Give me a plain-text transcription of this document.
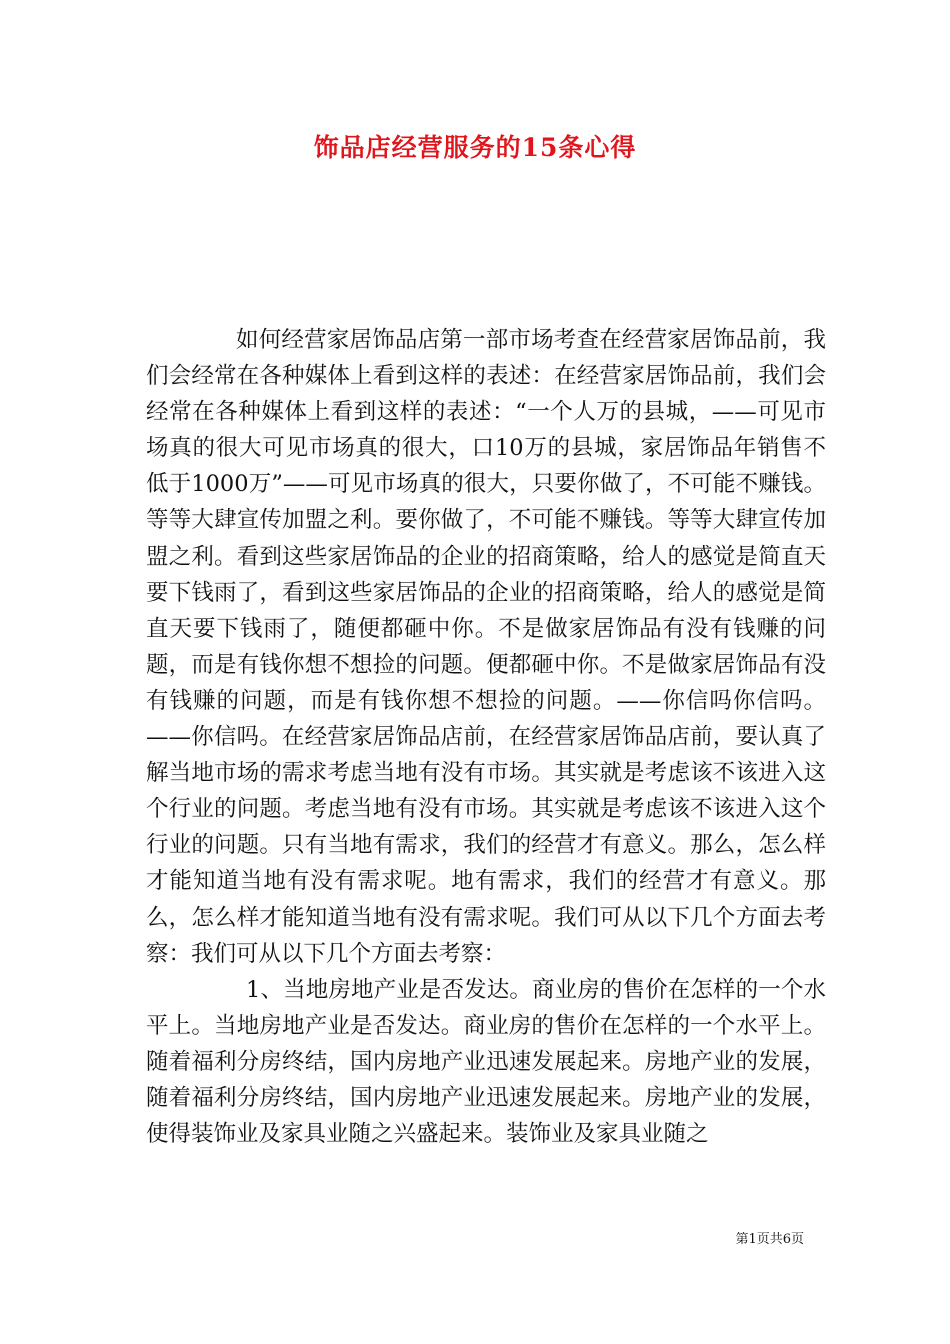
饰品店经营服务的15条心得

如何经营家居饰品店第一部市场考查在经营家居饰品前，我们会经常在各种媒体上看到这样的表述：在经营家居饰品前，我们会经常在各种媒体上看到这样的表述：“一个人万的县城，——可见市场真的很大可见市场真的很大，口10万的县城，家居饰品年销售不低于1000万”——可见市场真的很大，只要你做了，不可能不赚钱。等等大肆宣传加盟之利。要你做了，不可能不赚钱。等等大肆宣传加盟之利。看到这些家居饰品的企业的招商策略，给人的感觉是简直天要下钱雨了，看到这些家居饰品的企业的招商策略，给人的感觉是简直天要下钱雨了，随便都砸中你。不是做家居饰品有没有钱赚的问题，而是有钱你想不想捡的问题。便都砸中你。不是做家居饰品有没有钱赚的问题，而是有钱你想不想捡的问题。——你信吗你信吗。——你信吗。在经营家居饰品店前，在经营家居饰品店前，要认真了解当地市场的需求考虑当地有没有市场。其实就是考虑该不该进入这个行业的问题。考虑当地有没有市场。其实就是考虑该不该进入这个行业的问题。只有当地有需求，我们的经营才有意义。那么，怎么样才能知道当地有没有需求呢。地有需求，我们的经营才有意义。那么，怎么样才能知道当地有没有需求呢。我们可从以下几个方面去考察：我们可从以下几个方面去考察：

1、当地房地产业是否发达。商业房的售价在怎样的一个水平上。当地房地产业是否发达。商业房的售价在怎样的一个水平上。随着福利分房终结，国内房地产业迅速发展起来。房地产业的发展，随着福利分房终结，国内房地产业迅速发展起来。房地产业的发展，使得装饰业及家具业随之兴盛起来。装饰业及家具业随之

第1页共6页
